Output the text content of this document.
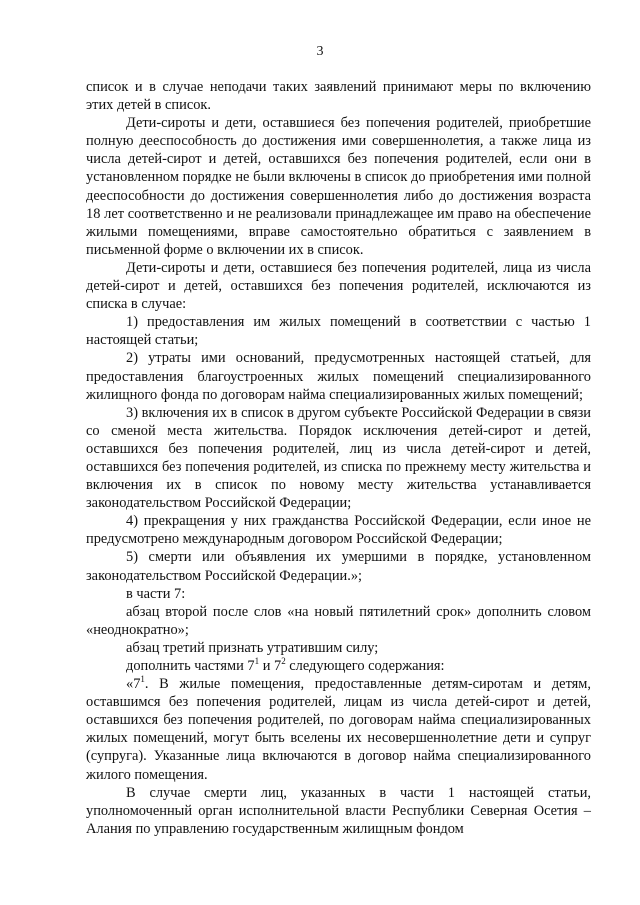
3

список и в случае неподачи таких заявлений принимают меры по включению этих детей в список.

Дети-сироты и дети, оставшиеся без попечения родителей, приобретшие полную дееспособность до достижения ими совершеннолетия, а также лица из числа детей-сирот и детей, оставшихся без попечения родителей, если они в установленном порядке не были включены в список до приобретения ими полной дееспособности до достижения совершеннолетия либо до достижения возраста 18 лет соответственно и не реализовали принадлежащее им право на обеспечение жилыми помещениями, вправе самостоятельно обратиться с заявлением в письменной форме о включении их в список.

Дети-сироты и дети, оставшиеся без попечения родителей, лица из числа детей-сирот и детей, оставшихся без попечения родителей, исключаются из списка в случае:

1) предоставления им жилых помещений в соответствии с частью 1 настоящей статьи;

2) утраты ими оснований, предусмотренных настоящей статьей, для предоставления благоустроенных жилых помещений специализированного жилищного фонда по договорам найма специализированных жилых помещений;

3) включения их в список в другом субъекте Российской Федерации в связи со сменой места жительства. Порядок исключения детей-сирот и детей, оставшихся без попечения родителей, лиц из числа детей-сирот и детей, оставшихся без попечения родителей, из списка по прежнему месту жительства и включения их в список по новому месту жительства устанавливается законодательством Российской Федерации;

4) прекращения у них гражданства Российской Федерации, если иное не предусмотрено международным договором Российской Федерации;

5) смерти или объявления их умершими в порядке, установленном законодательством Российской Федерации.»;

в части 7:

абзац второй после слов «на новый пятилетний срок» дополнить словом «неоднократно»;

абзац третий признать утратившим силу;

дополнить частями $7^1$ и $7^2$ следующего содержания:

«$7^1$. В жилые помещения, предоставленные детям-сиротам и детям, оставшимся без попечения родителей, лицам из числа детей-сирот и детей, оставшихся без попечения родителей, по договорам найма специализированных жилых помещений, могут быть вселены их несовершеннолетние дети и супруг (супруга). Указанные лица включаются в договор найма специализированного жилого помещения.

В случае смерти лиц, указанных в части 1 настоящей статьи, уполномоченный орган исполнительной власти Республики Северная Осетия – Алания по управлению государственным жилищным фондом
